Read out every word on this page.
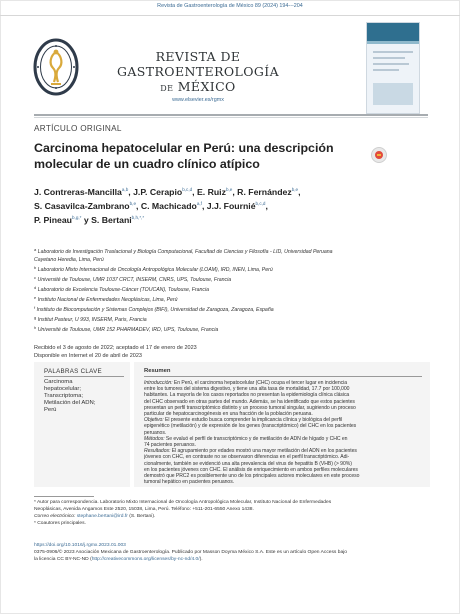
Revista de Gastroenterología de México 89 (2024) 194---204
REVISTA DE
GASTROENTEROLOGÍA
DE MÉXICO
www.elsevier.es/rgmx
ARTÍCULO ORIGINAL
Carcinoma hepatocelular en Perú: una descripción molecular de un cuadro clínico atípico
J. Contreras-Mancilla$^{a,b}$, J.P. Cerapio$^{b,c,d}$, E. Ruiz$^{b,e}$, R. Fernández$^{b,e}$,
S. Casavilca-Zambrano$^{b,e}$, C. Machicado$^{a,f}$, J.J. Fournié$^{b,c,d}$,
P. Pineau$^{b,g,*}$ y S. Bertani$^{b,h,*,*}$
$^a$ Laboratorio de Investigación Traslacional y Biología Computacional, Facultad de Ciencias y Filosofía - LID, Universidad Peruana
Cayetano Heredia, Lima, Perú
$^b$ Laboratorio Mixto Internacional de Oncología Antropológica Molecular (LOAM), IRD, INEN, Lima, Perú
$^c$ Université de Toulouse, UMR 1037 CRCT, INSERM, CNRS, UPS, Toulouse, Francia
$^d$ Laboratorio de Excelencia Toulouse-Cáncer (TOUCAN), Toulouse, Francia
$^e$ Instituto Nacional de Enfermedades Neoplásicas, Lima, Perú
$^f$ Instituto de Biocomputación y Sistemas Complejos (BIFI), Universidad de Zaragoza, Zaragoza, España
$^g$ Institut Pasteur, U 993, INSERM, Paris, Francia
$^h$ Université de Toulouse, UMR 152 PHARMADEV, IRD, UPS, Toulouse, Francia
Recibido el 3 de agosto de 2022; aceptado el 17 de enero de 2023
Disponible en Internet el 20 de abril de 2023
PALABRAS CLAVE
Carcinoma
hepatocelular;
Transcriptoma;
Metilación del ADN;
Perú
Resumen
Introducción: En Perú, el carcinoma hepatocelular (CHC) ocupa el tercer lugar en incidencia
entre los tumores del sistema digestivo, y tiene una alta tasa de mortalidad, 17.7 por 100,000
habitantes. La mayoría de los casos reportados no presentan la epidemiología clínica clásica
del CHC observado en otras partes del mundo. Además, se ha identificado que estos pacientes
presentan un perfil transcriptómico distinto y un proceso tumoral singular, sugiriendo un proceso
particular de hepatocarcinogénesis en una fracción de la población peruana.
Objetivo: El presente estudio busca comprender la implicancia clínica y biológica del perfil
epigenético (metilación) y de expresión de los genes (transcriptómico) del CHC en los pacientes
peruanos.
Métodos: Se evaluó el perfil de transcriptómico y de metilación de ADN de hígado y CHC en
74 pacientes peruanos.
Resultados: El agrupamiento por edades mostró una mayor metilación del ADN en los pacientes
jóvenes con CHC, en contraste no se observaron diferencias en el perfil transcriptómico. Adi-
cionalmente, también se evidenció una alta prevalencia del virus de hepatitis B (VHB) (> 90%)
en los pacientes jóvenes con CHC. El análisis de enriquecimiento en ambos perfiles moleculares
demostró que PRC2 es posiblemente uno de los principales actores moleculares en este proceso
tumoral hepático en pacientes peruanos.
* Autor para correspondencia. Laboratorio Mixto Internacional de Oncología Antropológica Molecular, Instituto Nacional de Enfermedades
Neoplásicas, Avenida Angamos Este 2520, 15038, Lima, Perú. Teléfono: +511-201-6550 Anexo 1438.
Correo electrónico: stephane.bertani@ird.fr (S. Bertani).
* Coautores principales.
https://doi.org/10.1016/j.rgmx.2023.01.003
0375-0906/© 2023 Asociación Mexicana de Gastroenterología. Publicado por Masson Doyma México S.A. Este es un artículo Open Access bajo
la licencia CC BY-NC-ND (http://creativecommons.org/licenses/by-nc-nd/4.0/).
